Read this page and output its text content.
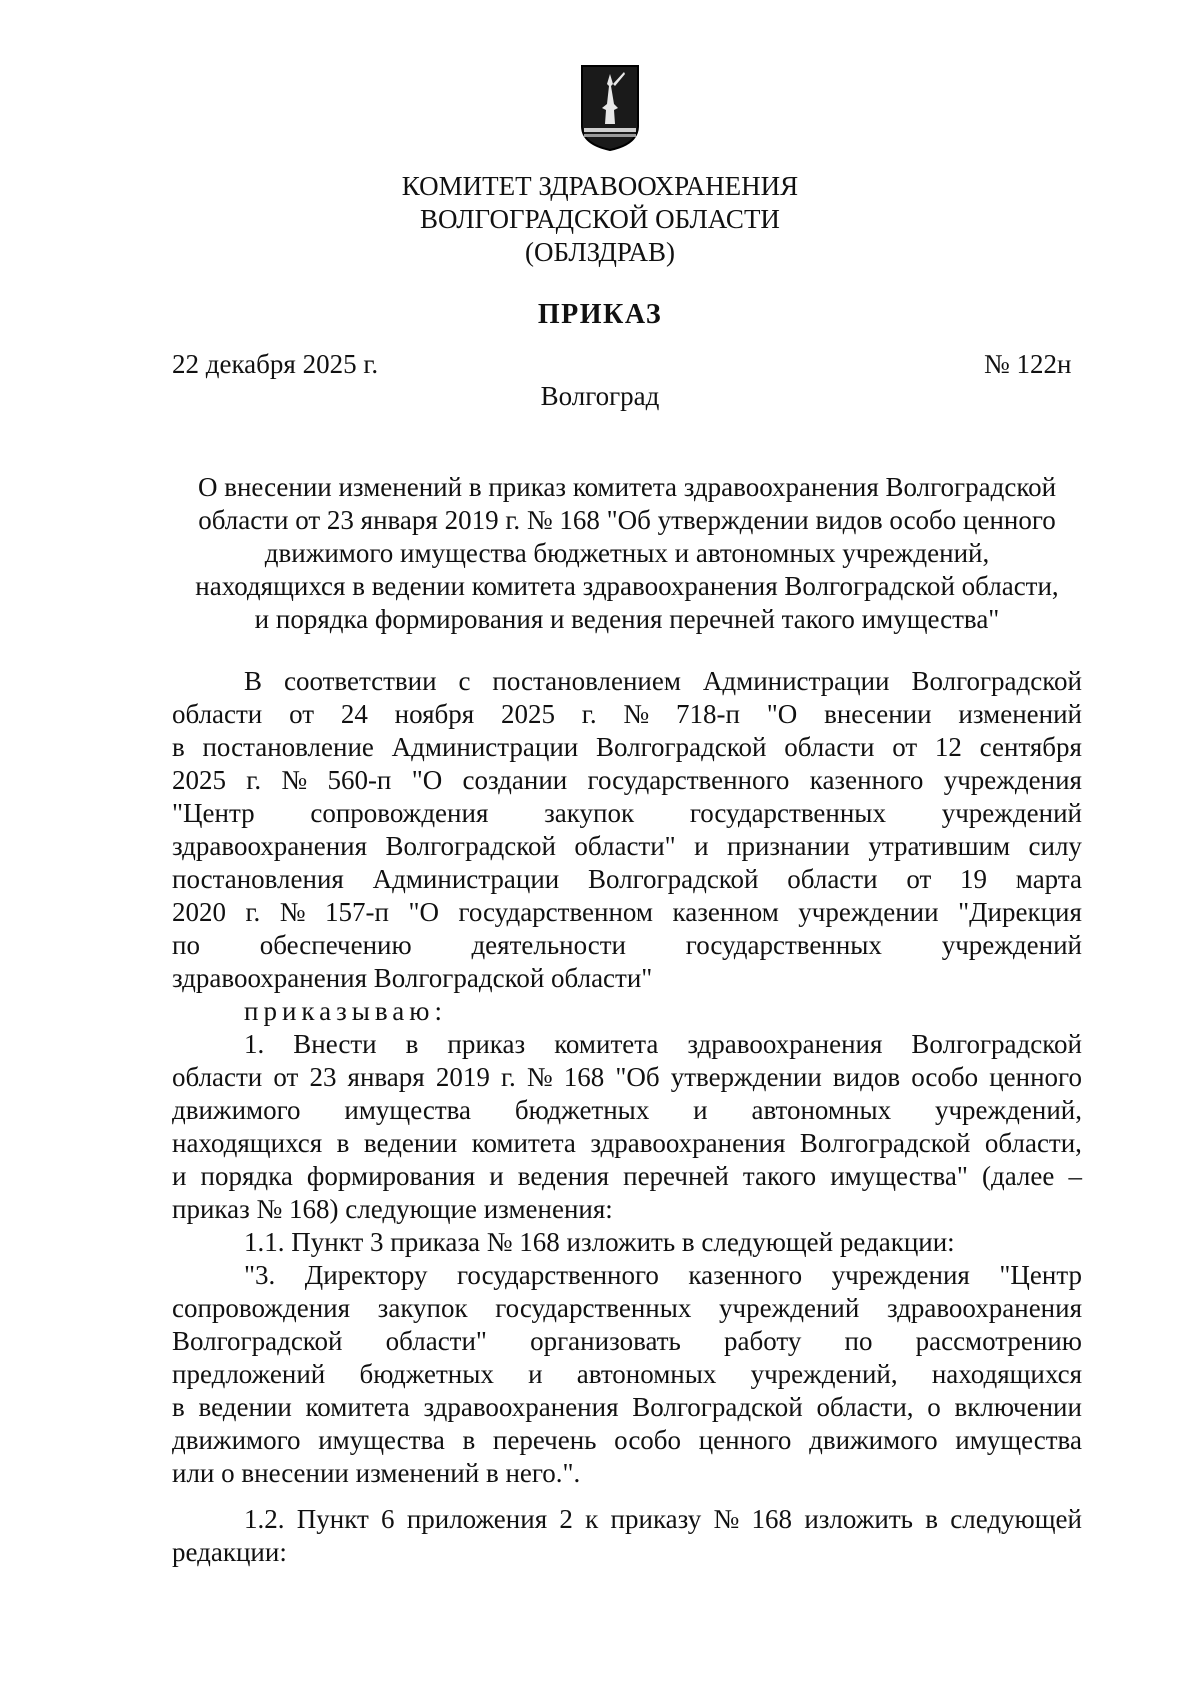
КОМИТЕТ ЗДРАВООХРАНЕНИЯ
ВОЛГОГРАДСКОЙ ОБЛАСТИ
(ОБЛЗДРАВ)
ПРИКАЗ
22 декабря 2025 г.	№ 122н
Волгоград
О внесении изменений в приказ комитета здравоохранения Волгоградской
области от 23 января 2019 г. № 168 "Об утверждении видов особо ценного
движимого имущества бюджетных и автономных учреждений,
находящихся в ведении комитета здравоохранения Волгоградской области,
и порядка формирования и ведения перечней такого имущества"
В соответствии с постановлением Администрации Волгоградской
области от 24 ноября 2025 г. № 718-п "О внесении изменений
в постановление Администрации Волгоградской области от 12 сентября
2025 г. № 560-п "О создании государственного казенного учреждения
"Центр сопровождения закупок государственных учреждений
здравоохранения Волгоградской области" и признании утратившим силу
постановления Администрации Волгоградской области от 19 марта
2020 г. № 157-п "О государственном казенном учреждении "Дирекция
по обеспечению деятельности государственных учреждений
здравоохранения Волгоградской области"
приказываю:
1. Внести в приказ комитета здравоохранения Волгоградской
области от 23 января 2019 г. № 168 "Об утверждении видов особо ценного
движимого имущества бюджетных и автономных учреждений,
находящихся в ведении комитета здравоохранения Волгоградской области,
и порядка формирования и ведения перечней такого имущества" (далее –
приказ № 168) следующие изменения:
1.1. Пункт 3 приказа № 168 изложить в следующей редакции:
"3. Директору государственного казенного учреждения "Центр
сопровождения закупок государственных учреждений здравоохранения
Волгоградской области" организовать работу по рассмотрению
предложений бюджетных и автономных учреждений, находящихся
в ведении комитета здравоохранения Волгоградской области, о включении
движимого имущества в перечень особо ценного движимого имущества
или о внесении изменений в него.".
1.2. Пункт 6 приложения 2 к приказу № 168 изложить в следующей
редакции:
